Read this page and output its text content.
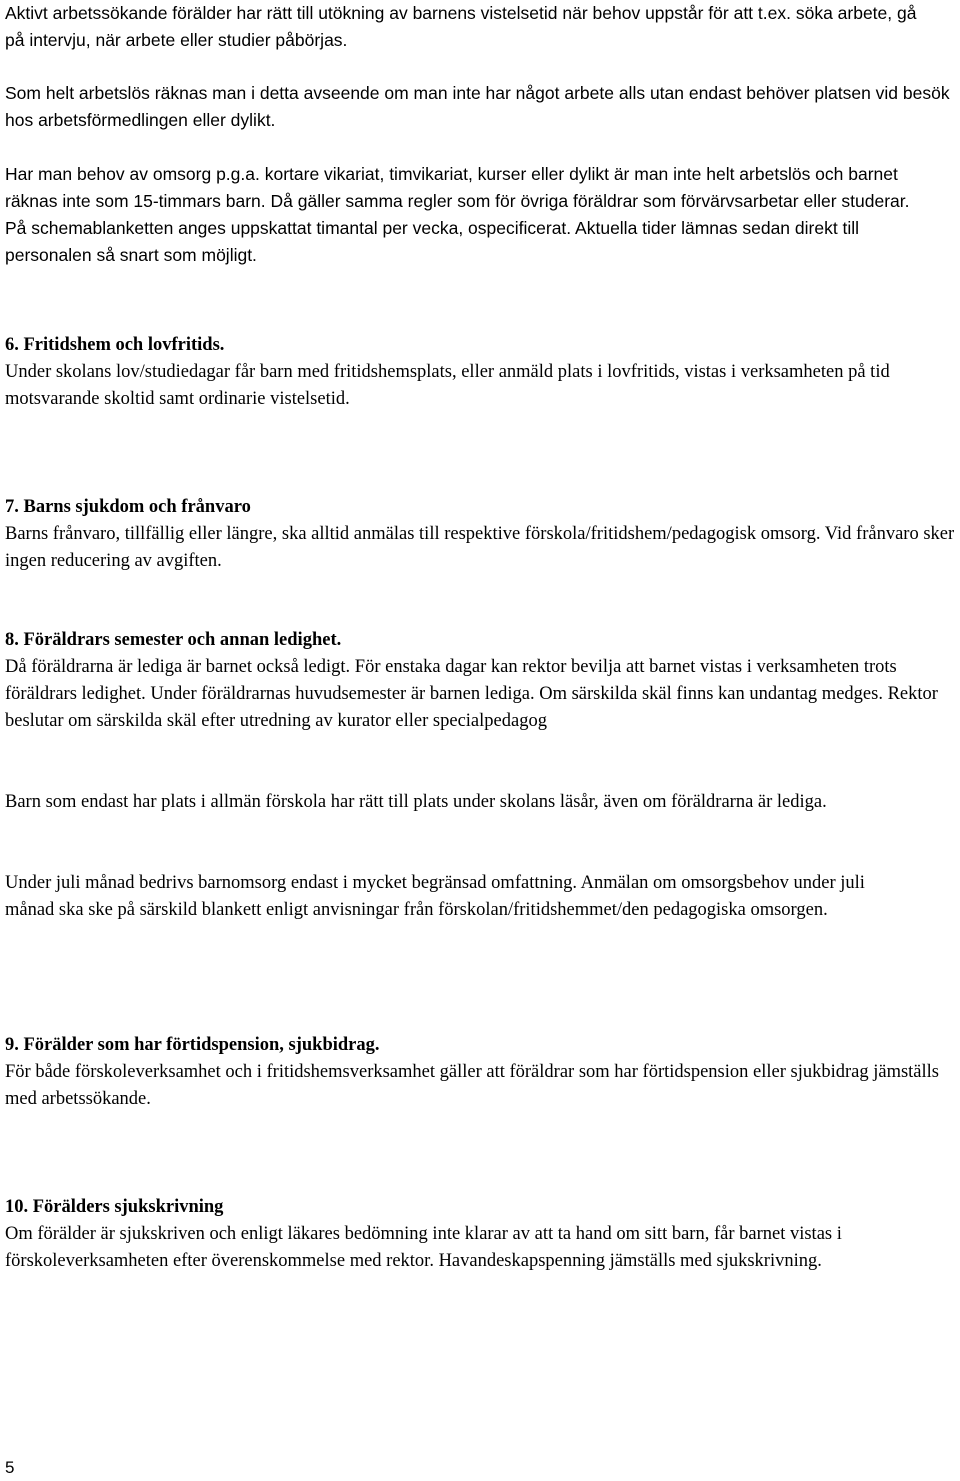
Aktivt arbetssökande förälder har rätt till utökning av barnens vistelsetid när behov uppstår för att t.ex. söka arbete, gå på intervju, när arbete eller studier påbörjas.

Som helt arbetslös räknas man i detta avseende om man inte har något arbete alls utan endast behöver platsen vid besök hos arbetsförmedlingen eller dylikt.

Har man behov av omsorg p.g.a. kortare vikariat, timvikariat, kurser eller dylikt är man inte helt arbetslös och barnet räknas inte som 15-timmars barn. Då gäller samma regler som för övriga föräldrar som förvärvsarbetar eller studerar. På schemablanketten anges uppskattat timantal per vecka, ospecificerat. Aktuella tider lämnas sedan direkt till personalen så snart som möjligt.

6. Fritidshem och lovfritids.

Under skolans lov/studiedagar får barn med fritidshemsplats, eller anmäld plats i lovfritids, vistas i verksamheten på tid motsvarande skoltid samt ordinarie vistelsetid.

7. Barns sjukdom och frånvaro

Barns frånvaro, tillfällig eller längre, ska alltid anmälas till respektive förskola/fritidshem/pedagogisk omsorg. Vid frånvaro sker ingen reducering av avgiften.

8. Föräldrars semester och annan ledighet.

Då föräldrarna är lediga är barnet också ledigt. För enstaka dagar kan rektor bevilja att barnet vistas i verksamheten trots föräldrars ledighet. Under föräldrarnas huvudsemester är barnen lediga. Om särskilda skäl finns kan undantag medges. Rektor beslutar om särskilda skäl efter utredning av kurator eller specialpedagog

Barn som endast har plats i allmän förskola har rätt till plats under skolans läsår, även om föräldrarna är lediga.

Under juli månad bedrivs barnomsorg endast i mycket begränsad omfattning. Anmälan om omsorgsbehov under juli månad ska ske på särskild blankett enligt anvisningar från förskolan/fritidshemmet/den pedagogiska omsorgen.

9. Förälder som har förtidspension, sjukbidrag.

För både förskoleverksamhet och i fritidshemsverksamhet gäller att föräldrar som har förtidspension eller sjukbidrag jämställs med arbetssökande.

10. Förälders sjukskrivning

Om förälder är sjukskriven och enligt läkares bedömning inte klarar av att ta hand om sitt barn, får barnet vistas i förskoleverksamheten efter överenskommelse med rektor. Havandeskapspenning jämställs med sjukskrivning.

5
